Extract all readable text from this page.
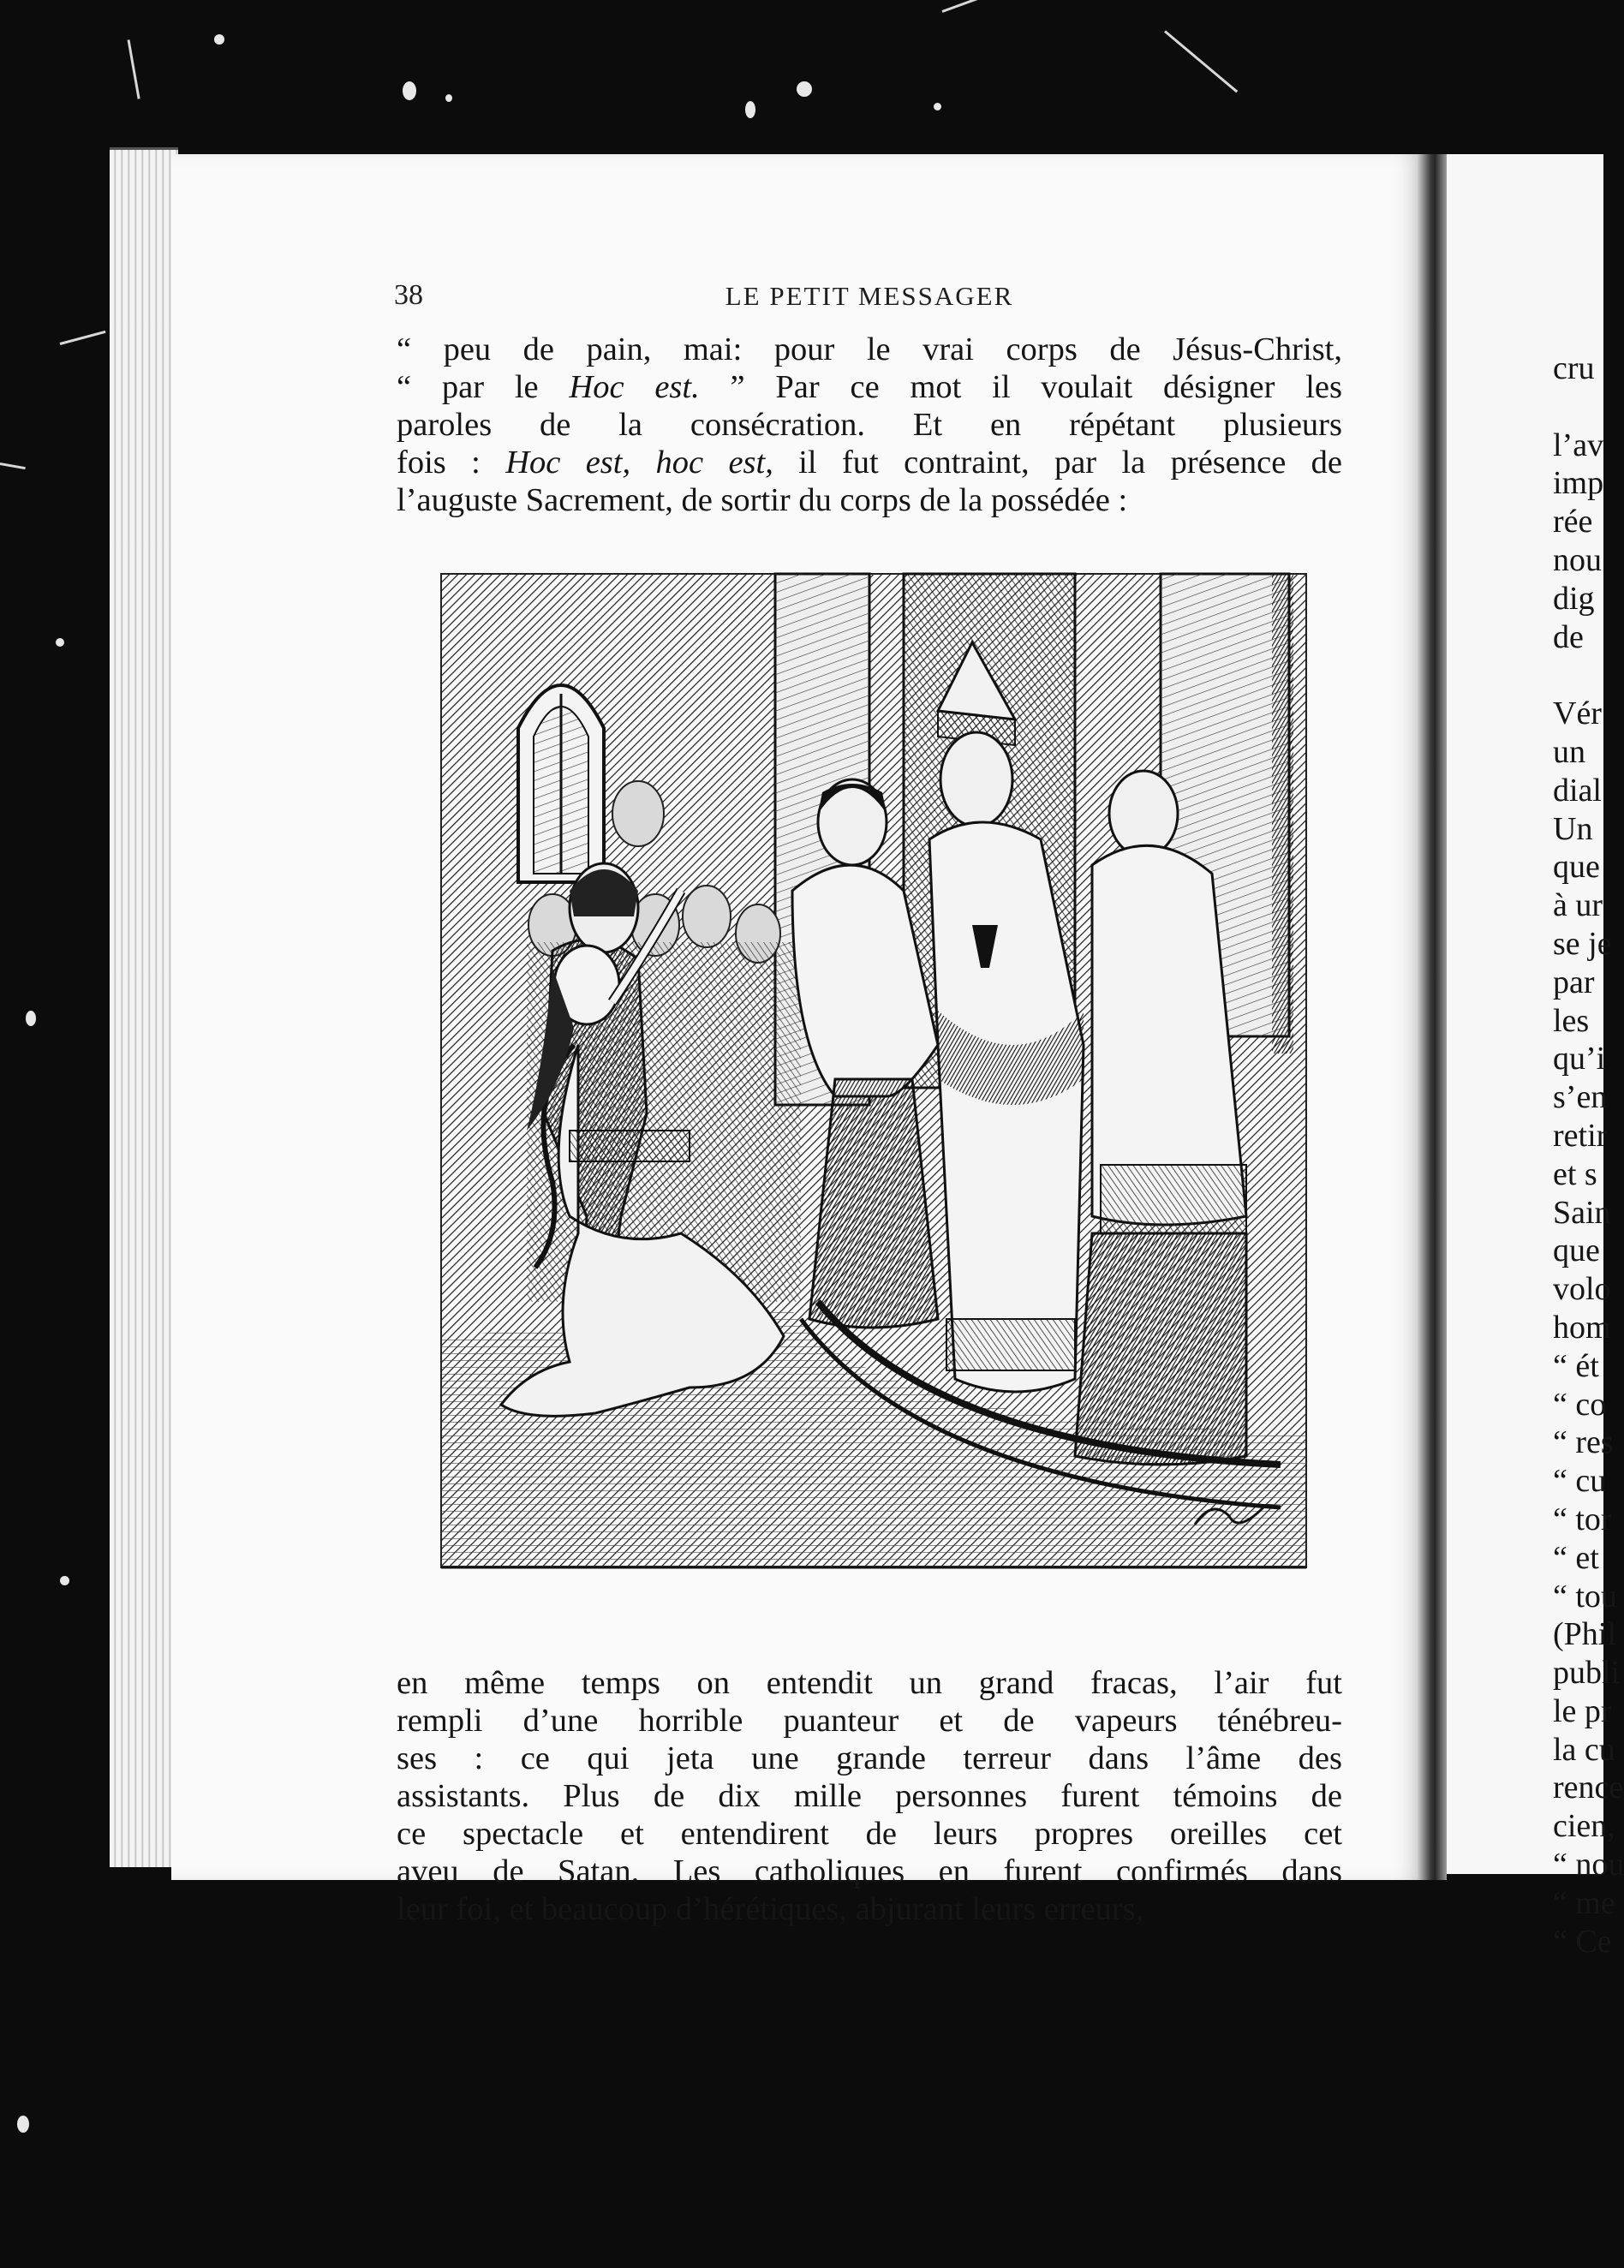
38	LE PETIT MESSAGER
“ peu de pain, mai: pour le vrai corps de Jésus-Christ,
“ par le Hoc est. ” Par ce mot il voulait désigner les
paroles de la consécration. Et en répétant plusieurs
fois : Hoc est, hoc est, il fut contraint, par la présence de
l’auguste Sacrement, de sortir du corps de la possédée :
en même temps on entendit un grand fracas, l’air fut
rempli d’une horrible puanteur et de vapeurs ténébreu-
ses : ce qui jeta une grande terreur dans l’âme des
assistants. Plus de dix mille personnes furent témoins de
ce spectacle et entendirent de leurs propres oreilles cet
aveu de Satan. Les catholiques en furent confirmés dans
leur foi, et beaucoup d’hérétiques, abjurant leurs erreurs,
cru

l’av
imp
rée
nou
dig
de

Vér
un
dial
Un
que
à ur
se je
par
les
qu’i
s’en
retir
et s
Sain
que
volo
hom
“ ét
“ co
“ res
“ cu
“ tor
“ et
“ tou
(Phil
publi
le pr
la cu
rence
cien,
“ nou
“ me
“ Ce
